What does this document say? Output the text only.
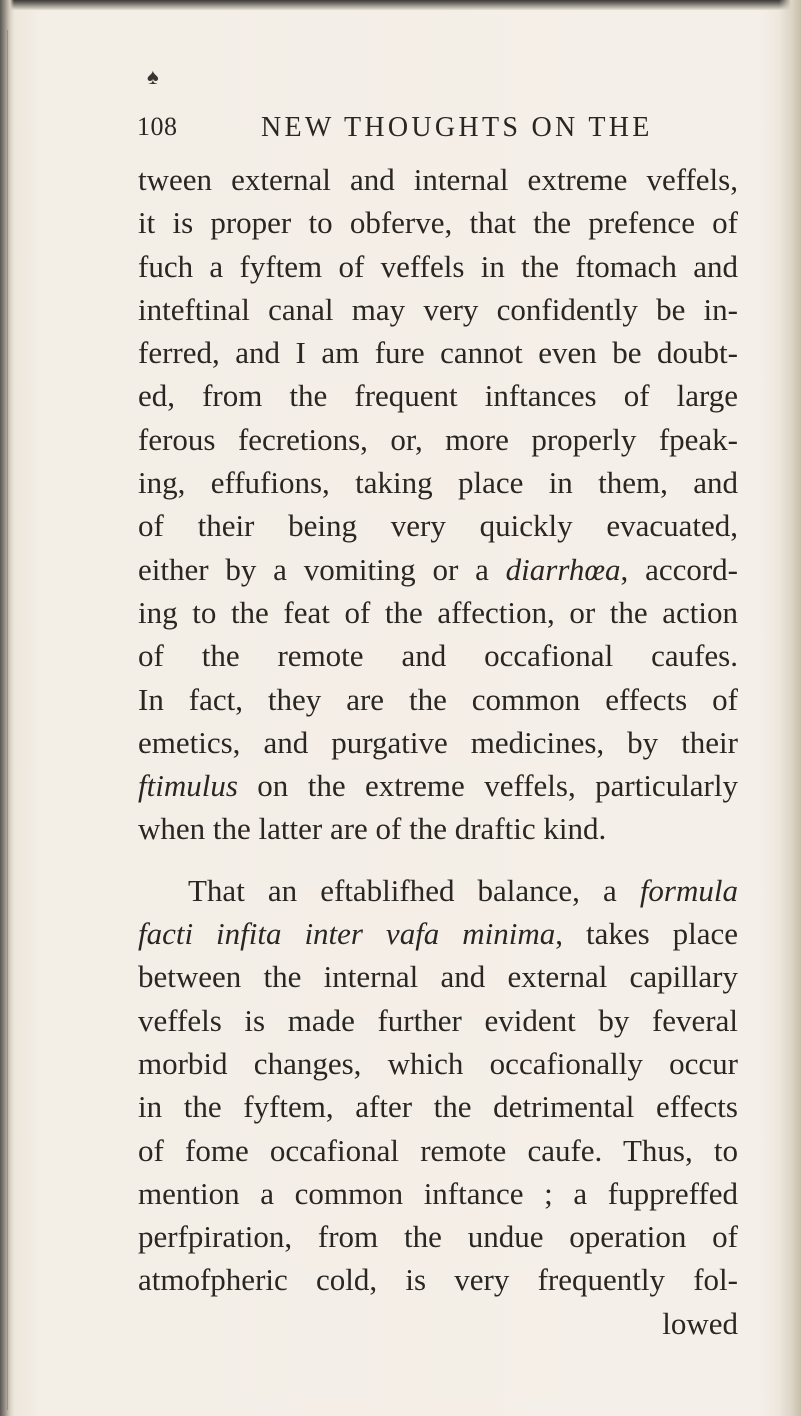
♠
108	NEW THOUGHTS ON THE
tween external and internal extreme veffels,
it is proper to obferve, that the prefence of
fuch a fyftem of veffels in the ftomach and
inteftinal canal may very confidently be in-
ferred, and I am fure cannot even be doubt-
ed, from the frequent inftances of large
ferous fecretions, or, more properly fpeak-
ing, effufions, taking place in them, and
of their being very quickly evacuated,
either by a vomiting or a diarrhœa, accord-
ing to the feat of the affection, or the action
of the remote and occafional caufes.
In fact, they are the common effects of
emetics, and purgative medicines, by their
ftimulus on the extreme veffels, particularly
when the latter are of the draftic kind.
That an eftablifhed balance, a formula
facti infita inter vafa minima, takes place
between the internal and external capillary
veffels is made further evident by feveral
morbid changes, which occafionally occur
in the fyftem, after the detrimental effects
of fome occafional remote caufe. Thus, to
mention a common inftance ; a fuppreffed
perfpiration, from the undue operation of
atmofpheric cold, is very frequently fol-
lowed
